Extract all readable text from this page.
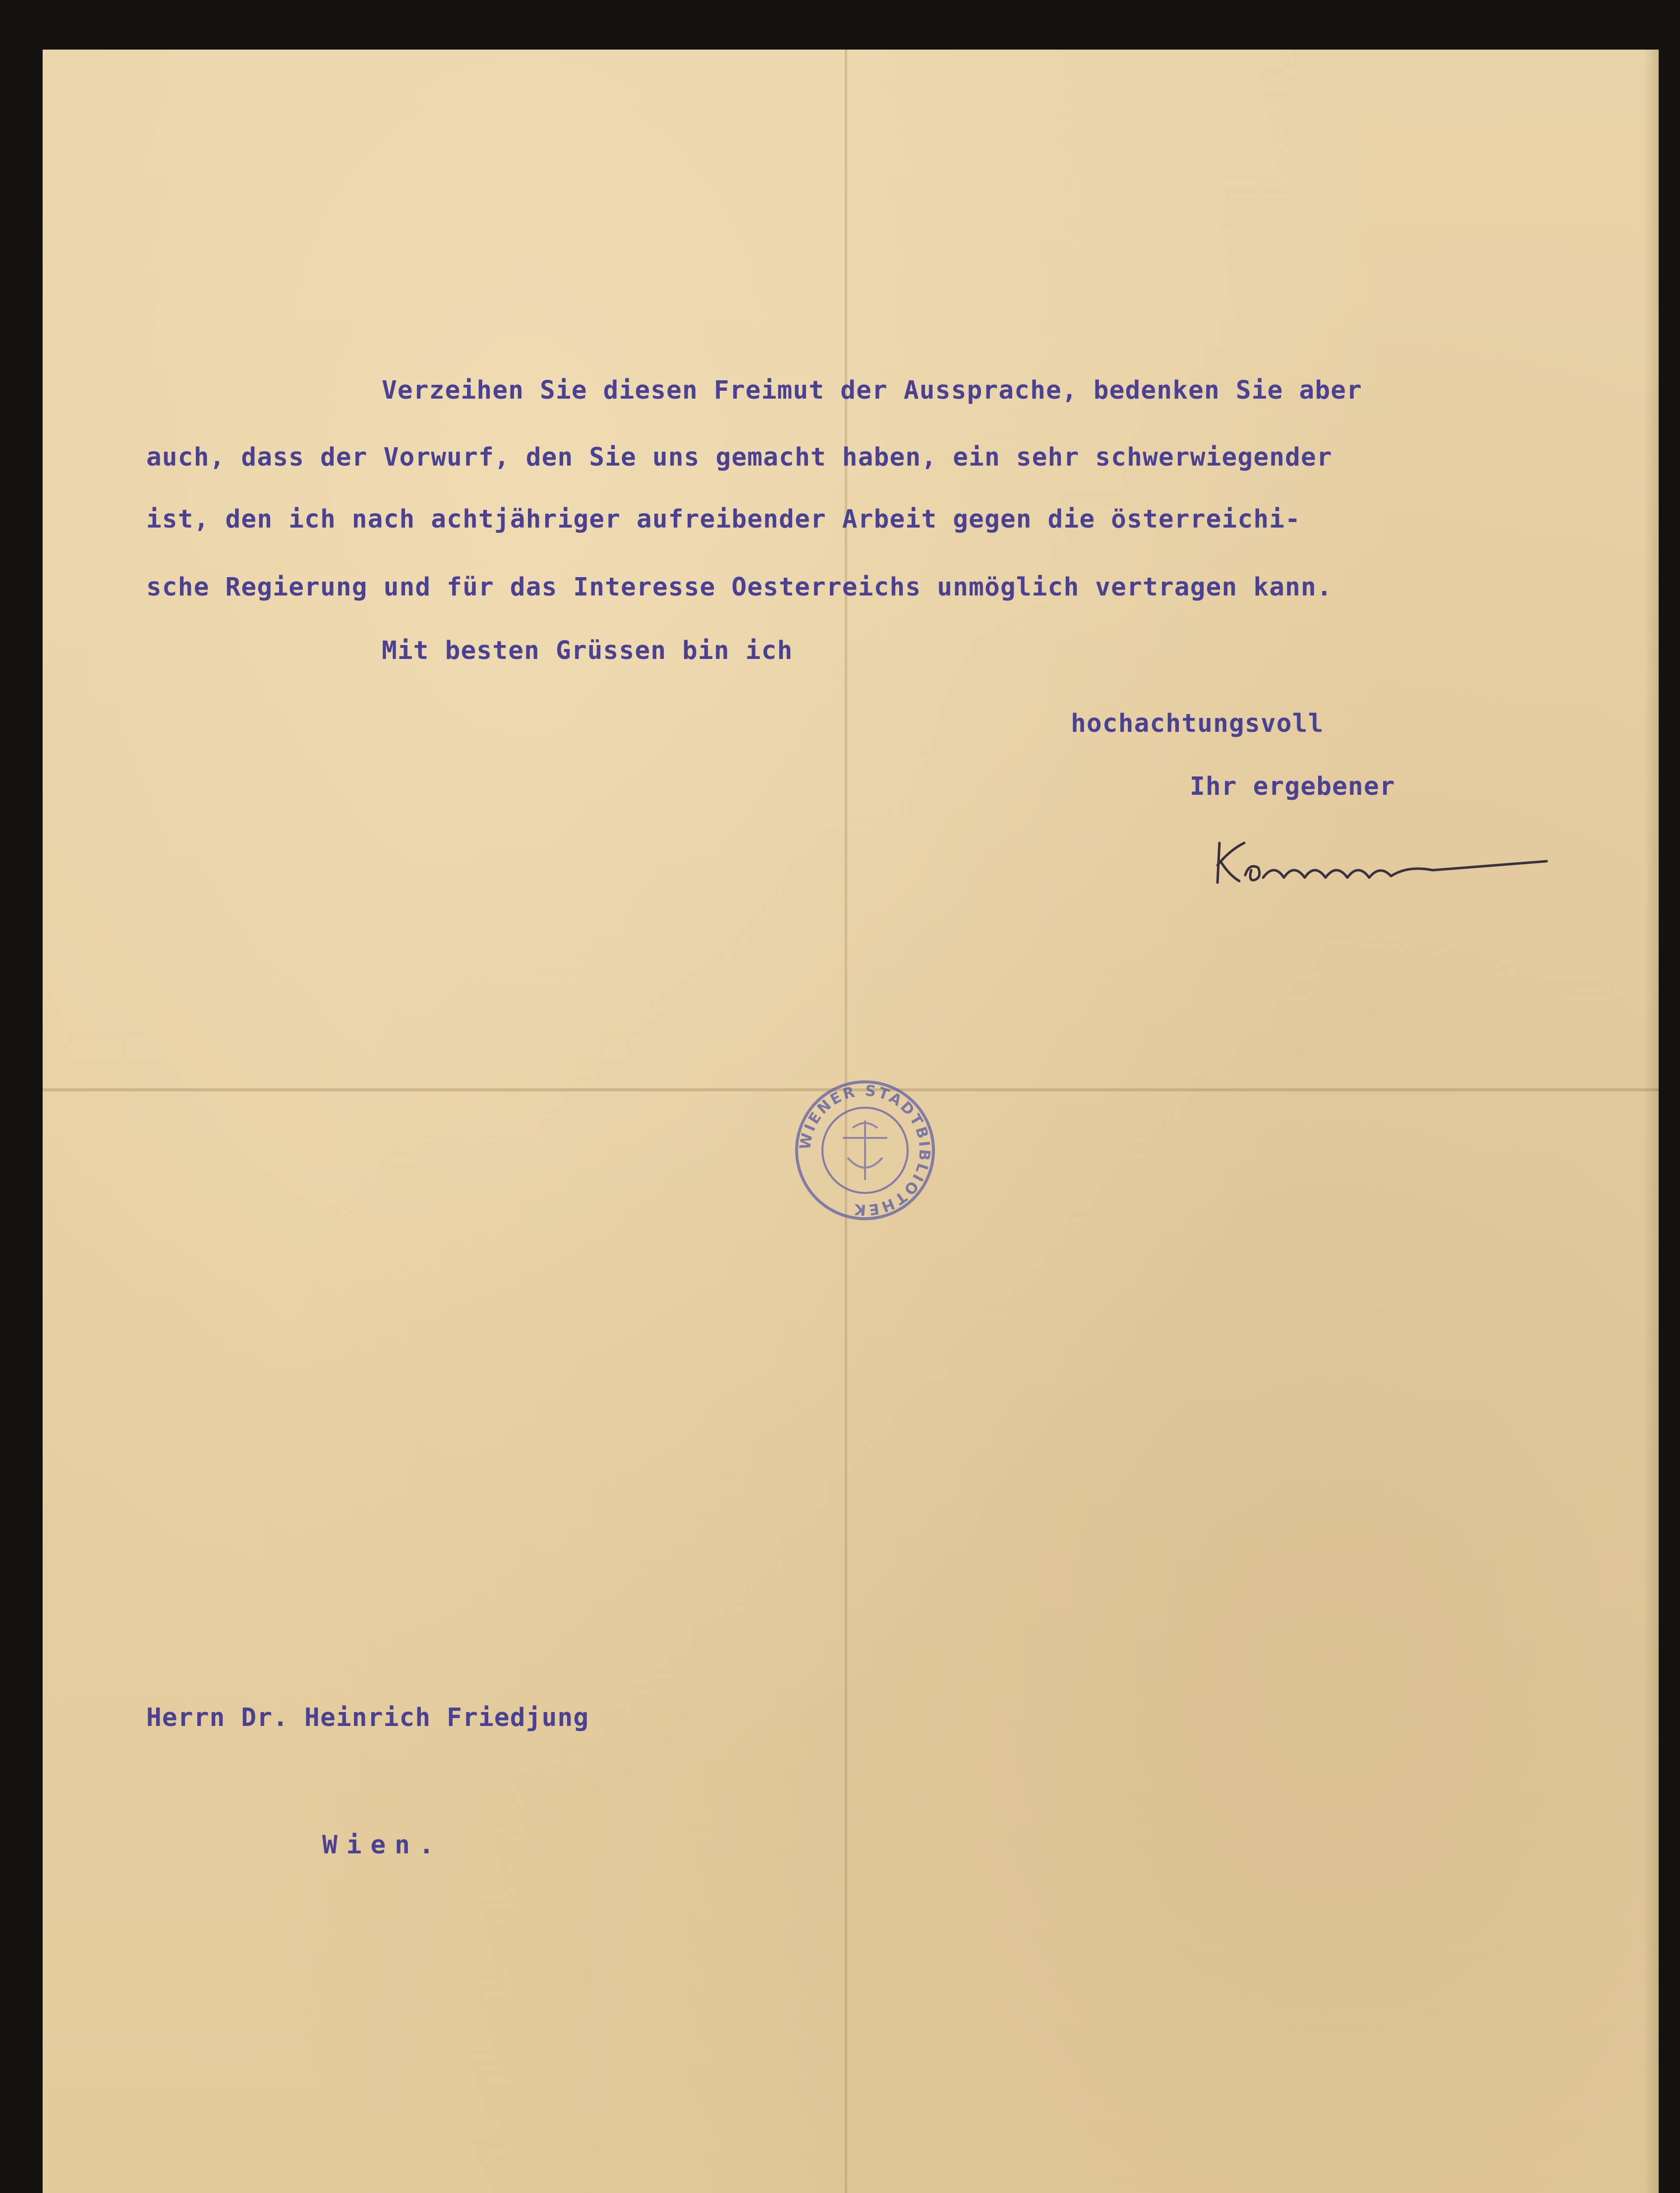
Verzeihen Sie diesen Freimut der Aussprache, bedenken Sie aber

auch, dass der Vorwurf, den Sie uns gemacht haben, ein sehr schwerwiegender

ist, den ich nach achtjähriger aufreibender Arbeit gegen die österreichi-

sche Regierung und für das Interesse Oesterreichs unmöglich vertragen kann.

Mit besten Grüssen bin ich

hochachtungsvoll

Ihr ergebener

WIENER STADTBIBLIOTHEK

Herrn Dr. Heinrich Friedjung

Wien.
